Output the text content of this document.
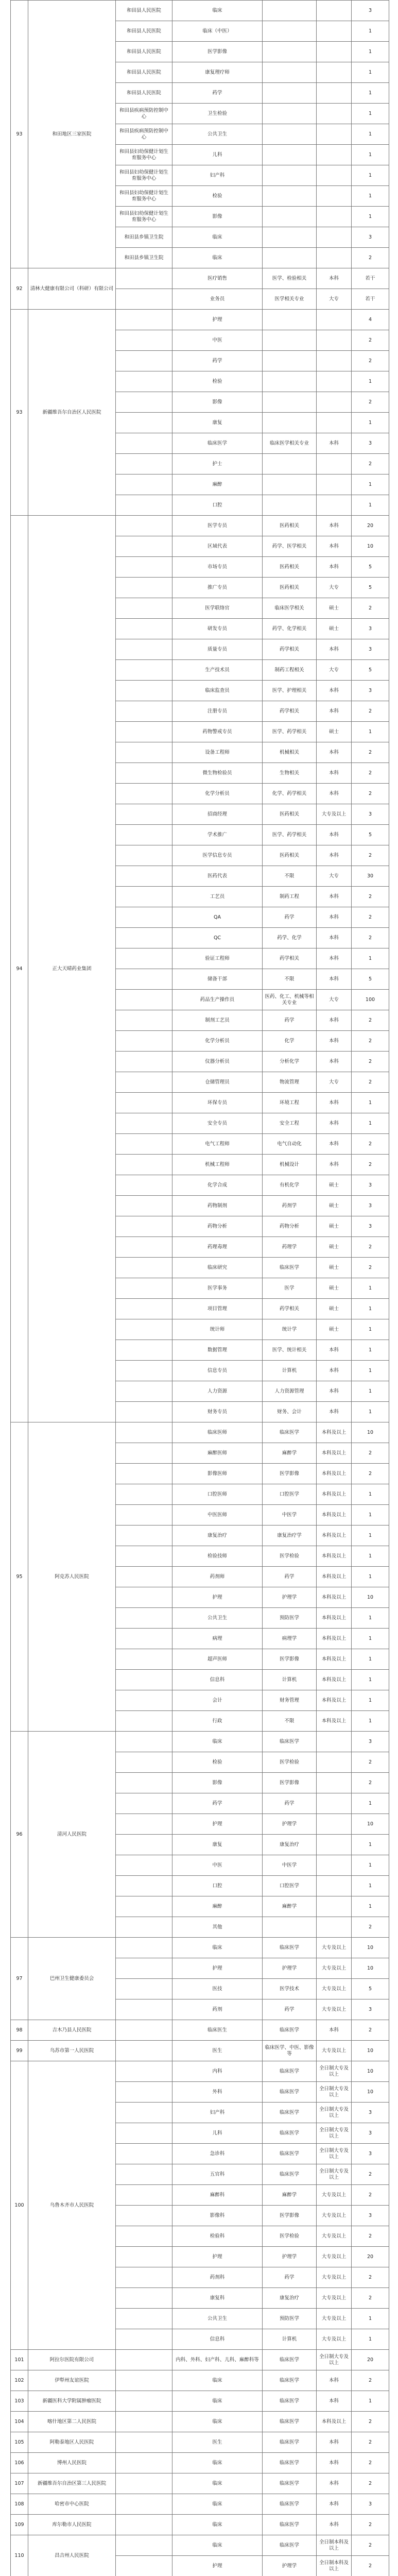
93	和田地区三家医院	和田县人民医院	临床			3	
		和田县人民医院	临床（中医）			1	
		和田县人民医院	医学影像			1	
		和田县人民医院	康复理疗师			1	
		和田县人民医院	药学			1	
		和田县疾病预防控制中心	卫生检验			1	
		和田县疾病预防控制中心	公共卫生			1	
		和田县妇幼保健计划生育服务中心	儿科			1	
		和田县妇幼保健计划生育服务中心	妇产科			1	
		和田县妇幼保健计划生育服务中心	检验			1	
		和田县妇幼保健计划生育服务中心	影像			1	
		和田县乡镇卫生院	临床			3	
		和田县乡镇卫生院	临床			2	
92	清林大健康有限公司（科研）有限公司		医疗销售	医学、检验相关	本科	若干	
			业务员	医学相关专业	大专	若干	
93	新疆维吾尔自治区人民医院		护理			4	
			中医			2	
			药学			2	
			检验			1	
			影像			2	
			康复			1	
			临床医学	临床医学相关专业	本科	3	
			护士			2	
			麻醉			1	
			口腔			1	
94	正大天晴药业集团		医学专员	医药相关	本科	20	
			区域代表	药学、医学相关	本科	10	
			市场专员	医药相关	本科	5	
			推广专员	医药相关	大专	5	
			医学联络官	临床医学相关	硕士	2	
			研发专员	药学、化学相关	硕士	3	
			质量专员	药学相关	本科	3	
			生产技术员	制药工程相关	大专	5	
			临床监查员	医学、护理相关	本科	3	
			注册专员	药学相关	本科	2	
			药物警戒专员	医学、药学相关	硕士	1	
			设备工程师	机械相关	本科	2	
			微生物检验员	生物相关	本科	2	
			化学分析员	化学、药学相关	本科	2	
			招商经理	医药相关	大专及以上	3	
			学术推广	医学、药学相关	本科	5	
			医学信息专员	医药相关	本科	2	
			医药代表	不限	大专	30	
			工艺员	制药工程	本科	2	
			QA	药学	本科	2	
			QC	药学、化学	本科	2	
			验证工程师	药学相关	本科	1	
			储备干部	不限	本科	5	
			药品生产操作员	医药、化工、机械等相关专业	大专	100	
			制剂工艺员	药学	本科	2	
			化学分析员	化学	本科	2	
			仪器分析员	分析化学	本科	2	
			仓储管理员	物流管理	大专	2	
			环保专员	环境工程	本科	1	
			安全专员	安全工程	本科	1	
			电气工程师	电气自动化	本科	2	
			机械工程师	机械设计	本科	2	
			化学合成	有机化学	硕士	3	
			药物制剂	药剂学	硕士	3	
			药物分析	药物分析	硕士	3	
			药理毒理	药理学	硕士	2	
			临床研究	临床医学	硕士	2	
			医学事务	医学	硕士	1	
			项目管理	药学相关	硕士	1	
			统计师	统计学	硕士	1	
			数据管理	医学、统计相关	本科	1	
			信息专员	计算机	本科	1	
			人力资源	人力资源管理	本科	1	
			财务专员	财务、会计	本科	1	
95	阿克苏人民医院		临床医师	临床医学	本科及以上	10	
			麻醉医师	麻醉学	本科及以上	2	
			影像医师	医学影像	本科及以上	2	
			口腔医师	口腔医学	本科及以上	1	
			中医医师	中医学	本科及以上	1	
			康复治疗	康复治疗学	本科及以上	1	
			检验技师	医学检验	本科及以上	1	
			药剂师	药学	本科及以上	1	
			护理	护理学	本科及以上	10	
			公共卫生	预防医学	本科及以上	1	
			病理	病理学	本科及以上	1	
			超声医师	医学影像	本科及以上	1	
			信息科	计算机	本科及以上	1	
			会计	财务管理	本科及以上	1	
			行政	不限	本科及以上	1	
96	清河人民医院		临床	临床医学		3	
			检验	医学检验		2	
			影像	医学影像		2	
			药学	药学		1	
			护理	护理学		10	
			康复	康复治疗		1	
			中医	中医学		1	
			口腔	口腔医学		1	
			麻醉	麻醉学		1	
			其他			2	
97	巴州卫生健康委员会		临床	临床医学	大专及以上	10	
			护理	护理学	大专及以上	10	
			医技	医学技术	大专及以上	5	
			药剂	药学	大专及以上	3	
98	吉木乃县人民医院		临床医生	临床医学	本科	2	
99	乌苏市第一人民医院		医生	临床医学、中医、影像等	大专及以上	10	
100	乌鲁木齐市人民医院		内科	临床医学	全日制大专及以上	10	
			外科	临床医学	全日制大专及以上	10	
			妇产科	临床医学	全日制大专及以上	3	
			儿科	临床医学	全日制大专及以上	3	
			急诊科	临床医学	全日制大专及以上	3	
			五官科	临床医学	全日制大专及以上	2	
			麻醉科	麻醉学	大专及以上	2	
			影像科	医学影像	大专及以上	3	
			检验科	医学检验	大专及以上	2	
			护理	护理学	大专及以上	20	
			药剂科	药学	大专及以上	2	
			康复科	康复治疗	大专及以上	2	
			公共卫生	预防医学	大专及以上	1	
			信息科	计算机	大专及以上	1	
101	阿拉尔医院有限公司		内科、外科、妇产科、儿科、麻醉科等	临床医学	全日制大专及以上	20	
102	伊犁州友谊医院		临床	临床医学	本科	2	
103	新疆医科大学附属肿瘤医院		临床	临床医学	本科	1	
104	喀什地区第二人民医院		临床	临床医学	本科及以上	2	
105	阿勒泰地区人民医院		医生	临床医学	本科	2	
106	博州人民医院		临床	临床医学	本科	2	
107	新疆维吾尔自治区第三人民医院		临床	临床医学	本科	2	
108	哈密市中心医院		临床	临床医学	本科	3	
109	库尔勒市人民医院		临床	临床医学	本科	2	
110	昌吉州人民医院		临床	临床医学	全日制本科及以上	2	
			护理	护理学	全日制本科及以上	2	
